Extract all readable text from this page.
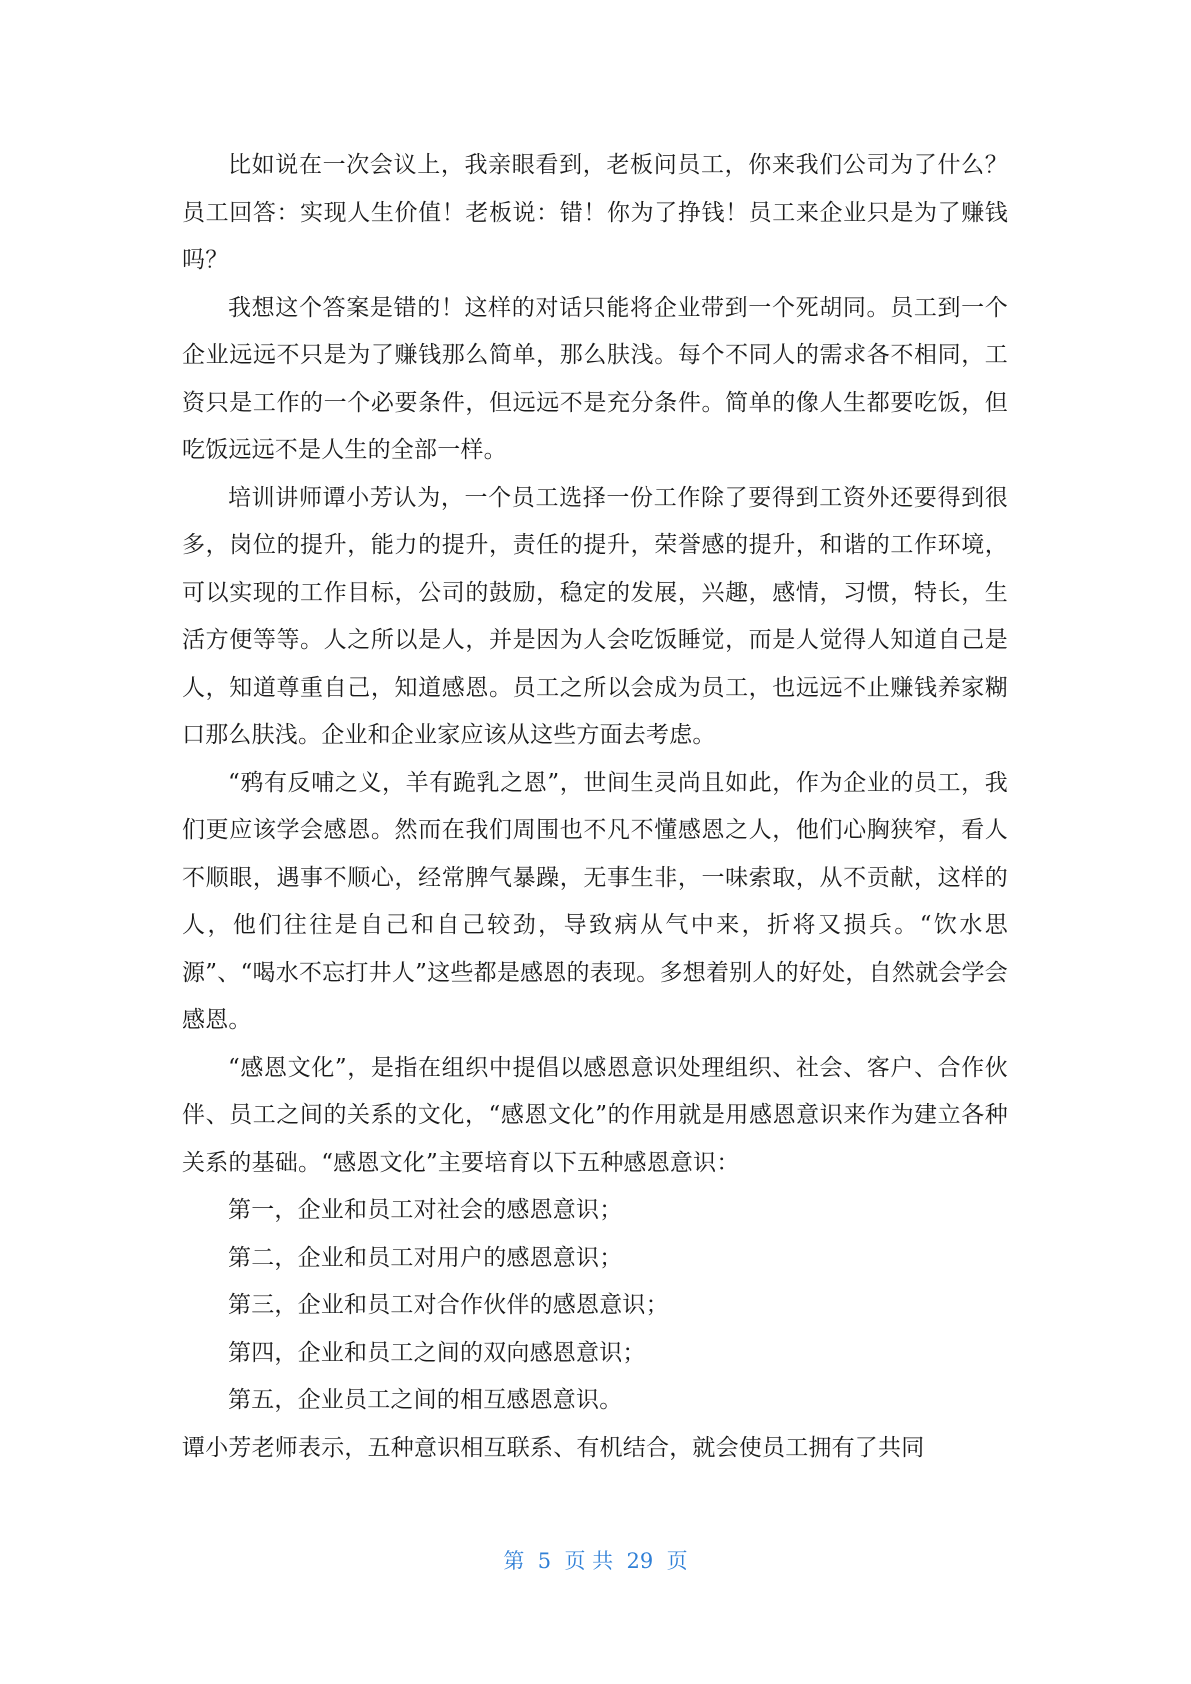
比如说在一次会议上，我亲眼看到，老板问员工，你来我们公司为了什么？员工回答：实现人生价值！老板说：错！你为了挣钱！员工来企业只是为了赚钱吗？

我想这个答案是错的！这样的对话只能将企业带到一个死胡同。员工到一个企业远远不只是为了赚钱那么简单，那么肤浅。每个不同人的需求各不相同，工资只是工作的一个必要条件，但远远不是充分条件。简单的像人生都要吃饭，但吃饭远远不是人生的全部一样。

培训讲师谭小芳认为，一个员工选择一份工作除了要得到工资外还要得到很多，岗位的提升，能力的提升，责任的提升，荣誉感的提升，和谐的工作环境，可以实现的工作目标，公司的鼓励，稳定的发展，兴趣，感情，习惯，特长，生活方便等等。人之所以是人，并是因为人会吃饭睡觉，而是人觉得人知道自己是人，知道尊重自己，知道感恩。员工之所以会成为员工，也远远不止赚钱养家糊口那么肤浅。企业和企业家应该从这些方面去考虑。

“鸦有反哺之义，羊有跪乳之恩”，世间生灵尚且如此，作为企业的员工，我们更应该学会感恩。然而在我们周围也不凡不懂感恩之人，他们心胸狭窄，看人不顺眼，遇事不顺心，经常脾气暴躁，无事生非，一味索取，从不贡献，这样的人，他们往往是自己和自己较劲，导致病从气中来，折将又损兵。“饮水思源”、“喝水不忘打井人”这些都是感恩的表现。多想着别人的好处，自然就会学会感恩。

“感恩文化”，是指在组织中提倡以感恩意识处理组织、社会、客户、合作伙伴、员工之间的关系的文化，“感恩文化”的作用就是用感恩意识来作为建立各种关系的基础。“感恩文化”主要培育以下五种感恩意识：

第一，企业和员工对社会的感恩意识；

第二，企业和员工对用户的感恩意识；

第三，企业和员工对合作伙伴的感恩意识；

第四，企业和员工之间的双向感恩意识；

第五，企业员工之间的相互感恩意识。

谭小芳老师表示，五种意识相互联系、有机结合，就会使员工拥有了共同

第  5  页 共  29  页
